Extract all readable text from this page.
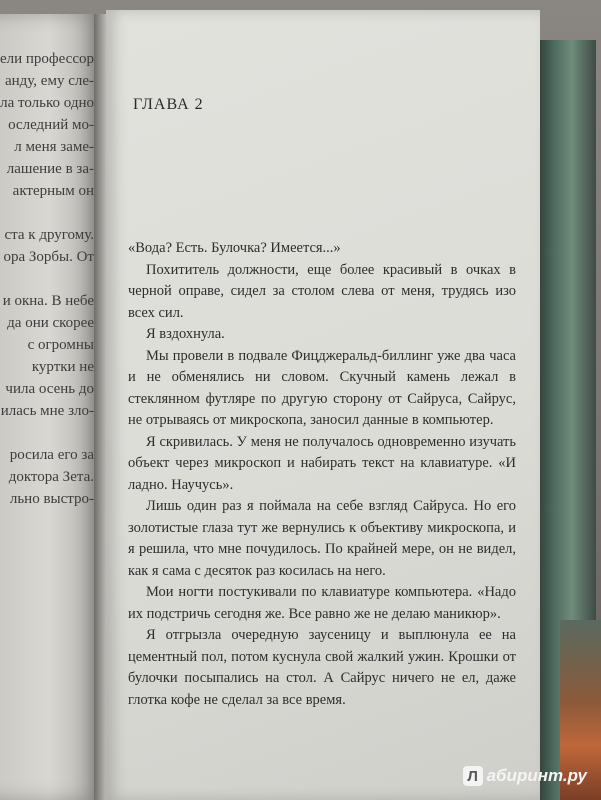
ели профессор
анду, ему сле-
ла только одно
оследний мо-
л меня заме-
лашение в за-
актерным он
ста к другому.
ора Зорбы. От
и окна. В небе
да они скорее
с огромны
куртки не
чила осень до
илась мне зло-
росила его за
доктора Зета.
льно выстро-
ГЛАВА 2

«Вода? Есть. Булочка? Имеется...»

Похититель должности, еще более красивый в очках в черной оправе, сидел за столом слева от меня, трудясь изо всех сил.

Я вздохнула.

Мы провели в подвале Фицджеральд-биллинг уже два часа и не обменялись ни словом. Скучный камень лежал в стеклянном футляре по другую сторону от Сайруса, Сайрус, не отрываясь от микроскопа, заносил данные в компьютер.

Я скривилась. У меня не получалось одновременно изучать объект через микроскоп и набирать текст на клавиатуре. «И ладно. Научусь».

Лишь один раз я поймала на себе взгляд Сайруса. Но его золотистые глаза тут же вернулись к объективу микроскопа, и я решила, что мне почудилось. По крайней мере, он не видел, как я сама с десяток раз косилась на него.

Мои ногти постукивали по клавиатуре компьютера. «Надо их подстричь сегодня же. Все равно же не делаю маникюр».

Я отгрызла очередную заусеницу и выплюнула ее на цементный пол, потом куснула свой жалкий ужин. Крошки от булочки посыпались на стол. А Сайрус ничего не ел, даже глотка кофе не сделал за все время.

Л абиринт.ру
